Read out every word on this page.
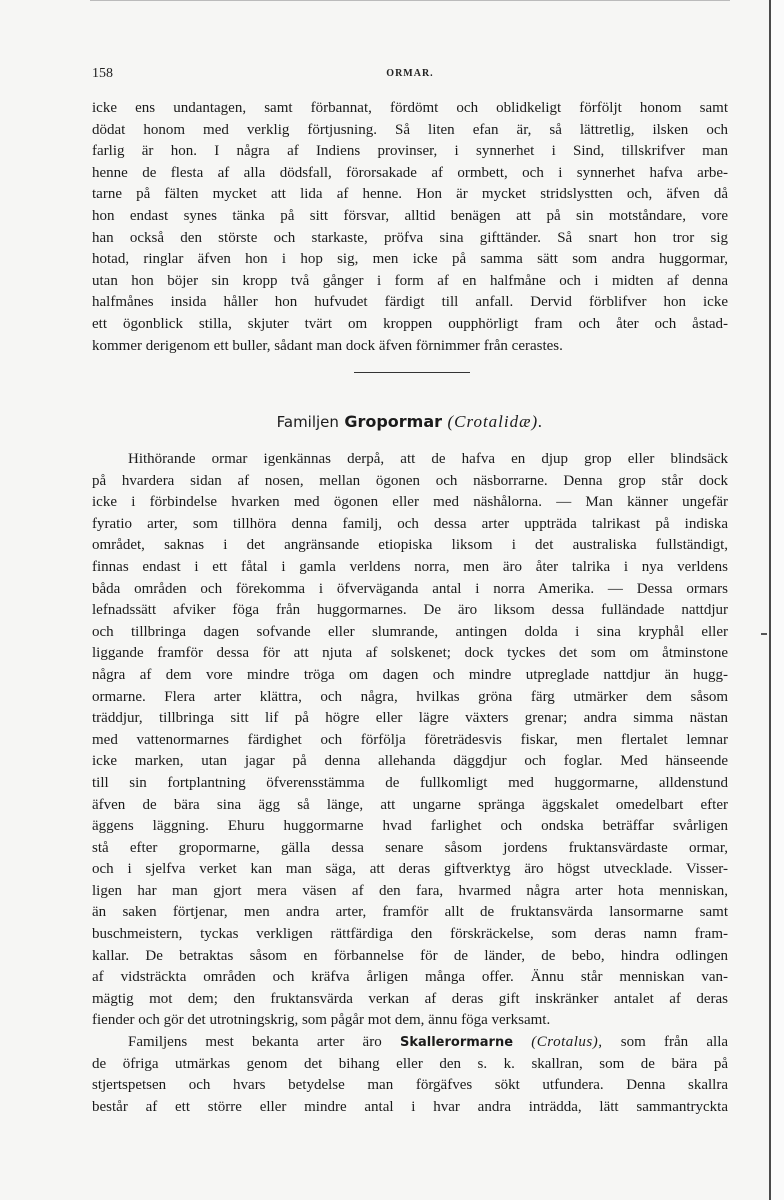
158	ORMAR.

icke ens undantagen, samt förbannat, fördömt och oblidkeligt förföljt honom samt
dödat honom med verklig förtjusning. Så liten efan är, så lättretlig, ilsken och
farlig är hon. I några af Indiens provinser, i synnerhet i Sind, tillskrifver man
henne de flesta af alla dödsfall, förorsakade af ormbett, och i synnerhet hafva arbe-
tarne på fälten mycket att lida af henne. Hon är mycket stridslystten och, äfven då
hon endast synes tänka på sitt försvar, alltid benägen att på sin motståndare, vore
han också den störste och starkaste, pröfva sina gifttänder. Så snart hon tror sig
hotad, ringlar äfven hon i hop sig, men icke på samma sätt som andra huggormar,
utan hon böjer sin kropp två gånger i form af en halfmåne och i midten af denna
halfmånes insida håller hon hufvudet färdigt till anfall. Dervid förblifver hon icke
ett ögonblick stilla, skjuter tvärt om kroppen oupphörligt fram och åter och åstad-
kommer derigenom ett buller, sådant man dock äfven förnimmer från cerastes.

Familjen Gropormar (Crotalidæ).

Hithörande ormar igenkännas derpå, att de hafva en djup grop eller blindsäck
på hvardera sidan af nosen, mellan ögonen och näsborrarne. Denna grop står dock
icke i förbindelse hvarken med ögonen eller med näshålorna. — Man känner ungefär
fyratio arter, som tillhöra denna familj, och dessa arter uppträda talrikast på indiska
området, saknas i det angränsande etiopiska liksom i det australiska fullständigt,
finnas endast i ett fåtal i gamla verldens norra, men äro åter talrika i nya verldens
båda områden och förekomma i öfverväganda antal i norra Amerika. — Dessa ormars
lefnadssätt afviker föga från huggormarnes. De äro liksom dessa fulländade nattdjur
och tillbringa dagen sofvande eller slumrande, antingen dolda i sina kryphål eller
liggande framför dessa för att njuta af solskenet; dock tyckes det som om åtminstone
några af dem vore mindre tröga om dagen och mindre utpreglade nattdjur än hugg-
ormarne. Flera arter klättra, och några, hvilkas gröna färg utmärker dem såsom
träddjur, tillbringa sitt lif på högre eller lägre växters grenar; andra simma nästan
med vattenormarnes färdighet och förfölja företrädesvis fiskar, men flertalet lemnar
icke marken, utan jagar på denna allehanda däggdjur och foglar. Med hänseende
till sin fortplantning öfverensstämma de fullkomligt med huggormarne, alldenstund
äfven de bära sina ägg så länge, att ungarne spränga äggskalet omedelbart efter
äggens läggning. Ehuru huggormarne hvad farlighet och ondska beträffar svårligen
stå efter gropormarne, gälla dessa senare såsom jordens fruktansvärdaste ormar,
och i sjelfva verket kan man säga, att deras giftverktyg äro högst utvecklade. Visser-
ligen har man gjort mera väsen af den fara, hvarmed några arter hota menniskan,
än saken förtjenar, men andra arter, framför allt de fruktansvärda lansormarne samt
buschmeistern, tyckas verkligen rättfärdiga den förskräckelse, som deras namn fram-
kallar. De betraktas såsom en förbannelse för de länder, de bebo, hindra odlingen
af vidsträckta områden och kräfva årligen många offer. Ännu står menniskan van-
mägtig mot dem; den fruktansvärda verkan af deras gift inskränker antalet af deras
fiender och gör det utrotningskrig, som pågår mot dem, ännu föga verksamt.

Familjens mest bekanta arter äro Skallerormarne (Crotalus), som från alla
de öfriga utmärkas genom det bihang eller den s. k. skallran, som de bära på
stjertspetsen och hvars betydelse man förgäfves sökt utfundera. Denna skallra
består af ett större eller mindre antal i hvar andra inträdda, lätt sammantryckta
